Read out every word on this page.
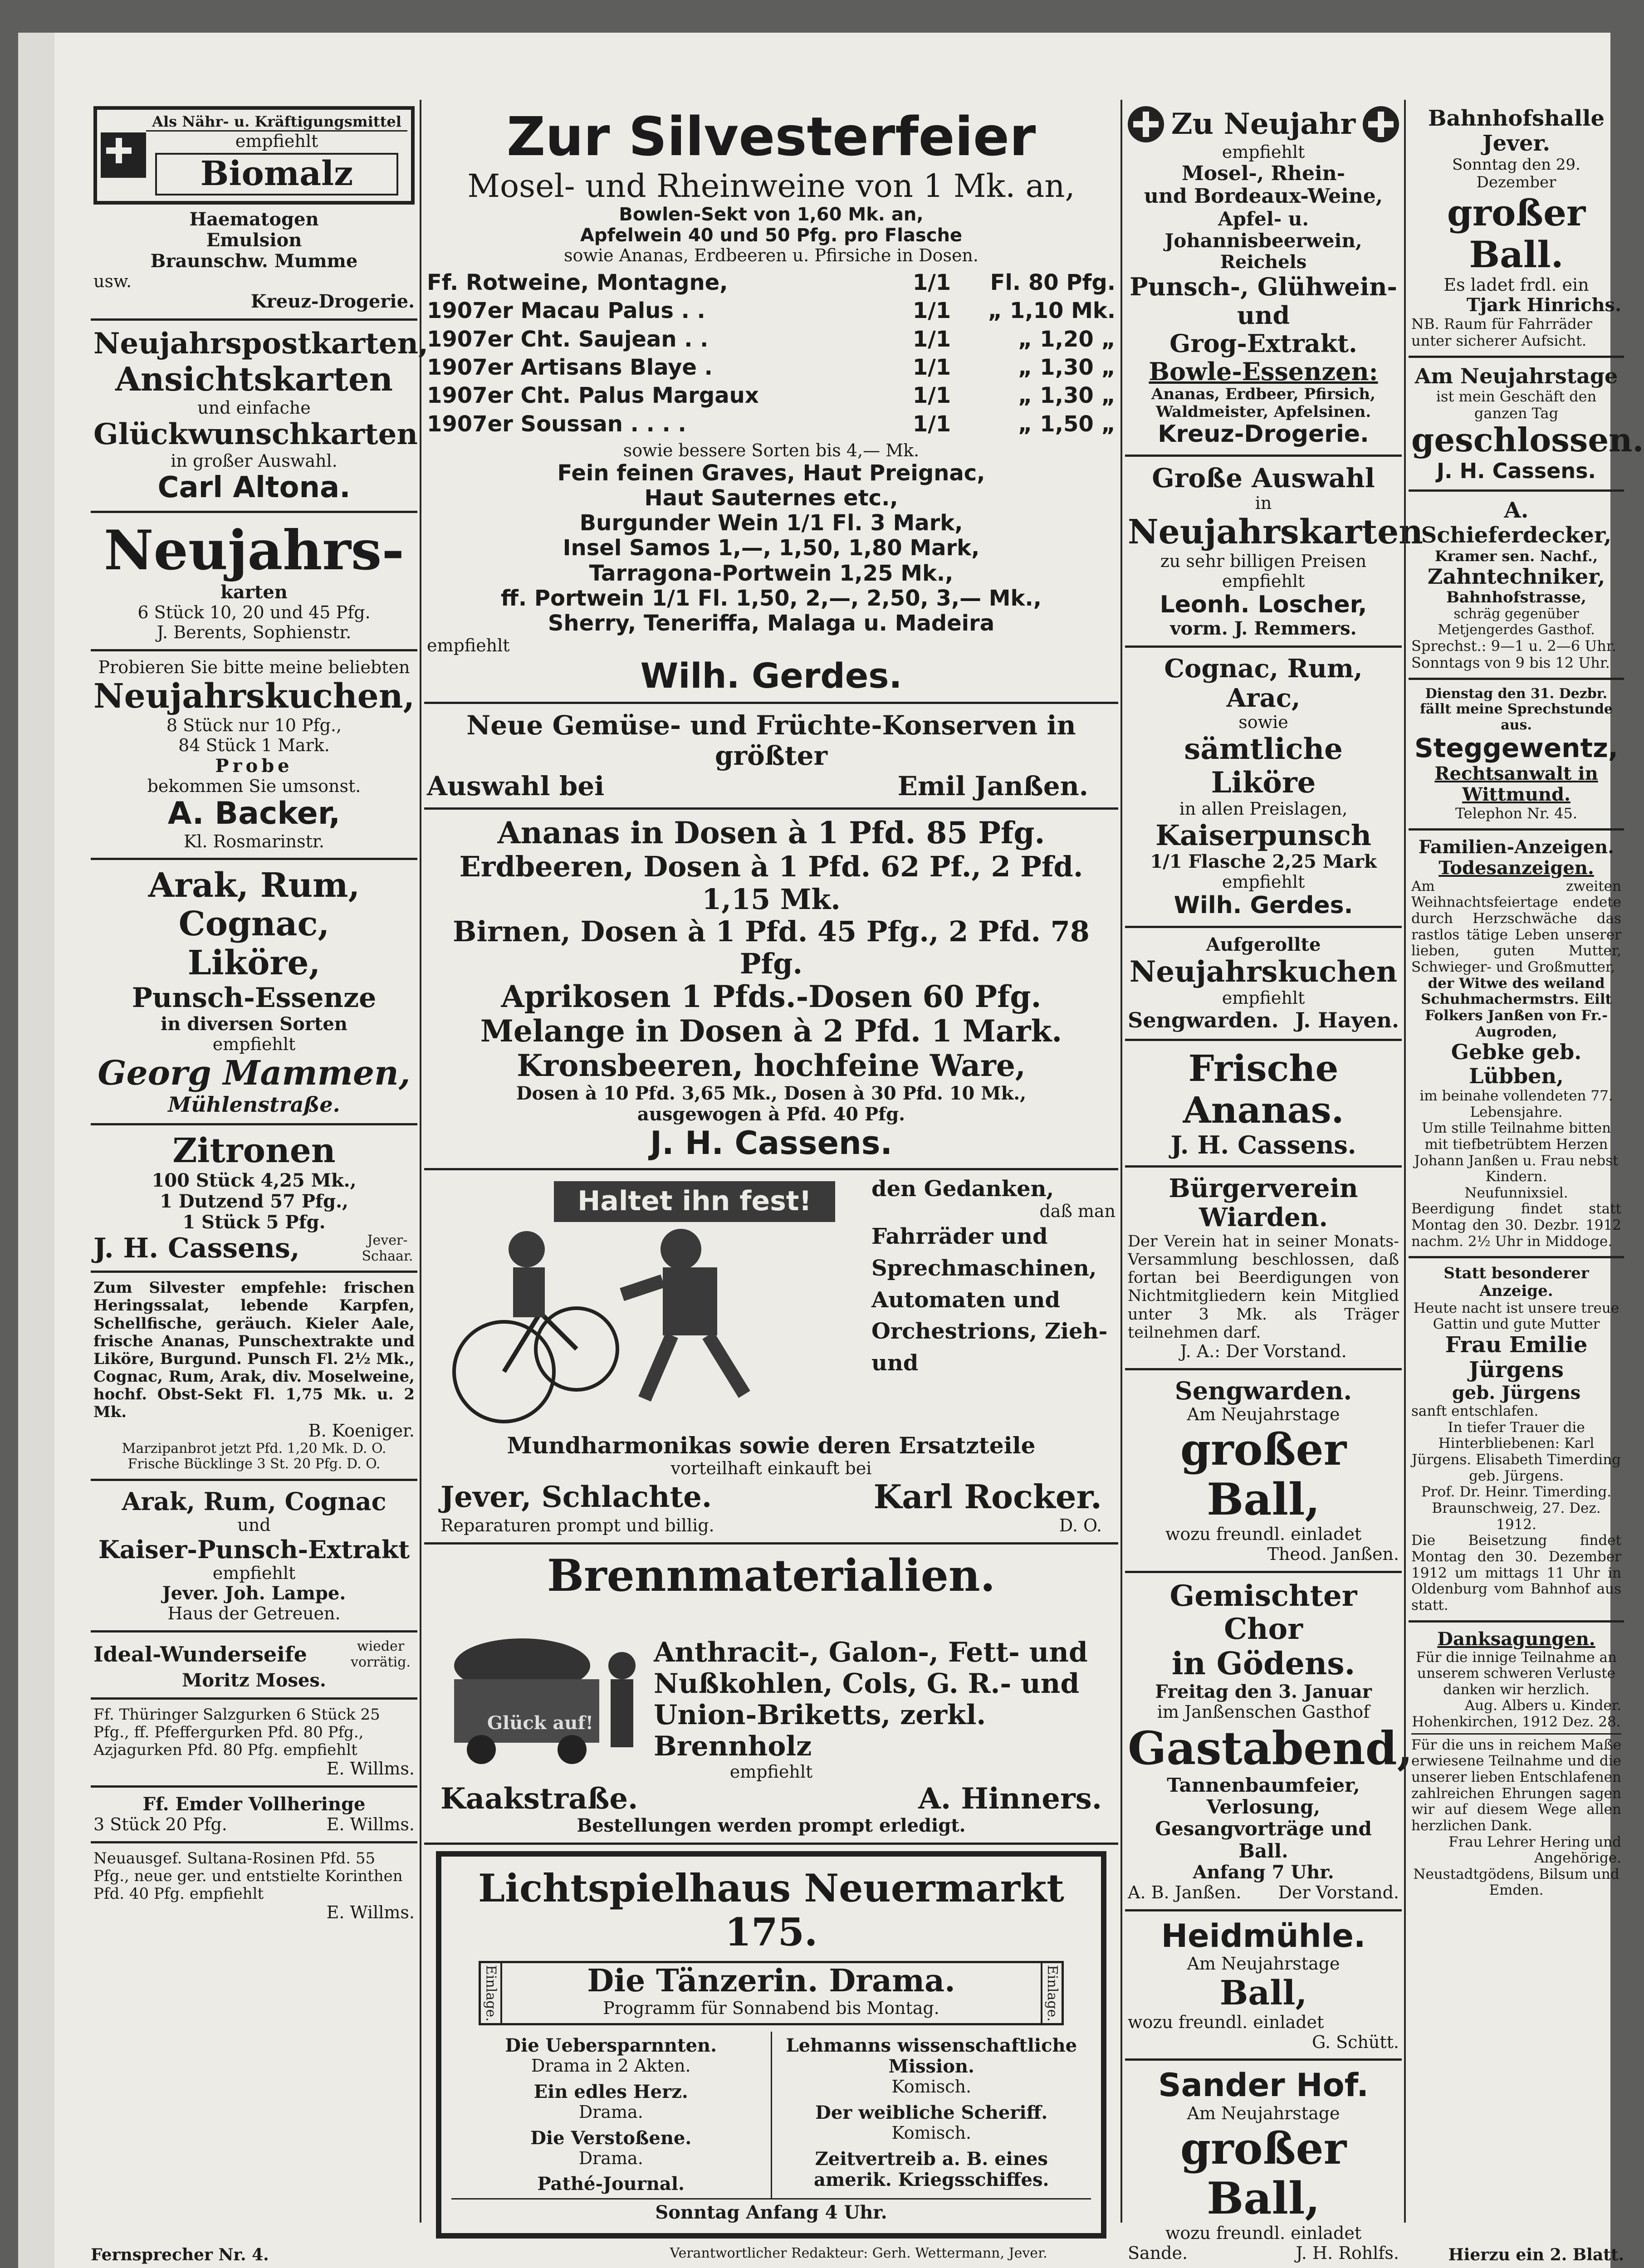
Als Nähr- u. Kräftigungsmittel
empfiehlt
Biomalz
Haematogen
Emulsion
Braunschw. Mumme
usw.
Kreuz-Drogerie.
Neujahrspostkarten,
Ansichtskarten
und einfache
Glückwunschkarten
in großer Auswahl.
Carl Altona.
Neujahrs-
karten
6 Stück 10, 20 und 45 Pfg.
J. Berents, Sophienstr.
Probieren Sie bitte meine beliebten
Neujahrskuchen,
8 Stück nur 10 Pfg.,
84 Stück 1 Mark.
Probe
bekommen Sie umsonst.
A. Backer,
Kl. Rosmarinstr.
Arak, Rum,
Cognac,
Liköre,
Punsch-Essenze
in diversen Sorten
empfiehlt
Georg Mammen,
Mühlenstraße.
Zitronen
100 Stück 4,25 Mk.,
1 Dutzend 57 Pfg.,
1 Stück 5 Pfg.
J. H. Cassens,	Jever-Schaar.
Zum Silvester empfehle: frischen Heringssalat, lebende Karpfen, Schellfische, geräuch. Kieler Aale, frische Ananas, Punschextrakte und Liköre, Burgund. Punsch Fl. 2½ Mk., Cognac, Rum, Arak, div. Moselweine, hochf. Obst-Sekt Fl. 1,75 Mk. u. 2 Mk.
B. Koeniger.
Marzipanbrot jetzt Pfd. 1,20 Mk. D. O.
Frische Bücklinge 3 St. 20 Pfg. D. O.
Arak, Rum, Cognac
und
Kaiser-Punsch-Extrakt
empfiehlt
Jever. Joh. Lampe.
Haus der Getreuen.
Ideal-Wunderseife	wieder vorrätig.
Moritz Moses.
Ff. Thüringer Salzgurken 6 Stück 25 Pfg., ff. Pfeffergurken Pfd. 80 Pfg., Azjagurken Pfd. 80 Pfg. empfiehlt
E. Willms.
Ff. Emder Vollheringe
3 Stück 20 Pfg.	E. Willms.
Neuausgef. Sultana-Rosinen Pfd. 55 Pfg., neue ger. und entstielte Korinthen Pfd. 40 Pfg. empfiehlt
E. Willms.
Zur Silvesterfeier
Mosel- und Rheinweine von 1 Mk. an,
Bowlen-Sekt von 1,60 Mk. an,
Apfelwein 40 und 50 Pfg. pro Flasche
sowie Ananas, Erdbeeren u. Pfirsiche in Dosen.
Ff. Rotweine, Montagne,	1/1	Fl. 80 Pfg.
1907er Macau Palus . .	1/1	„ 1,10 Mk.
1907er Cht. Saujean . .	1/1	„ 1,20 „
1907er Artisans Blaye .	1/1	„ 1,30 „
1907er Cht. Palus Margaux	1/1	„ 1,30 „
1907er Soussan . . . .	1/1	„ 1,50 „
sowie bessere Sorten bis 4,— Mk.
Fein feinen Graves, Haut Preignac,
Haut Sauternes etc.,
Burgunder Wein 1/1 Fl. 3 Mark,
Insel Samos 1,—, 1,50, 1,80 Mark,
Tarragona-Portwein 1,25 Mk.,
ff. Portwein 1/1 Fl. 1,50, 2,—, 2,50, 3,— Mk.,
Sherry, Teneriffa, Malaga u. Madeira
empfiehlt
Wilh. Gerdes.
Neue Gemüse- und Früchte-Konserven in größter
Auswahl bei	Emil Janßen.
Ananas in Dosen à 1 Pfd. 85 Pfg.
Erdbeeren, Dosen à 1 Pfd. 62 Pf., 2 Pfd. 1,15 Mk.
Birnen, Dosen à 1 Pfd. 45 Pfg., 2 Pfd. 78 Pfg.
Aprikosen 1 Pfds.-Dosen 60 Pfg.
Melange in Dosen à 2 Pfd. 1 Mark.
Kronsbeeren, hochfeine Ware,
Dosen à 10 Pfd. 3,65 Mk., Dosen à 30 Pfd. 10 Mk.,
ausgewogen à Pfd. 40 Pfg.
J. H. Cassens.
Haltet ihn fest!	den Gedanken,
daß man
Fahrräder und Sprechmaschinen, Automaten und Orchestrions, Zieh- und
Mundharmonikas sowie deren Ersatzteile
vorteilhaft einkauft bei
Jever, Schlachte.	Karl Rocker.
Reparaturen prompt und billig.	D. O.
Brennmaterialien.
Glück auf!
Anthracit-, Galon-, Fett- und Nußkohlen, Cols, G. R.- und Union-Briketts, zerkl. Brennholz
empfiehlt
Kaakstraße.	A. Hinners.
Bestellungen werden prompt erledigt.
Lichtspielhaus Neuermarkt 175.
Einlage.	Die Tänzerin. Drama.
Programm für Sonnabend bis Montag.	Einlage.
Die Uebersparnnten.
Drama in 2 Akten.
Ein edles Herz.
Drama.
Die Verstoßene.
Drama.
Pathé-Journal.
Lehmanns wissenschaftliche Mission.
Komisch.
Der weibliche Scheriff.
Komisch.
Zeitvertreib a. B. eines amerik. Kriegsschiffes.
Sonntag Anfang 4 Uhr.
Zu Neujahr
empfiehlt
Mosel-, Rhein-
und Bordeaux-Weine,
Apfel- u. Johannisbeerwein,
Reichels
Punsch-, Glühwein- und
Grog-Extrakt.
Bowle-Essenzen:
Ananas, Erdbeer, Pfirsich, Waldmeister, Apfelsinen.
Kreuz-Drogerie.
Große Auswahl
in
Neujahrskarten
zu sehr billigen Preisen
empfiehlt
Leonh. Loscher,
vorm. J. Remmers.
Cognac, Rum, Arac,
sowie
sämtliche Liköre
in allen Preislagen,
Kaiserpunsch
1/1 Flasche 2,25 Mark
empfiehlt
Wilh. Gerdes.
Aufgerollte
Neujahrskuchen
empfiehlt
Sengwarden. J. Hayen.
Frische Ananas.
J. H. Cassens.
Bürgerverein Wiarden.
Der Verein hat in seiner Monats-Versammlung beschlossen, daß fortan bei Beerdigungen von Nichtmitgliedern kein Mitglied unter 3 Mk. als Träger teilnehmen darf.
J. A.: Der Vorstand.
Sengwarden.
Am Neujahrstage
großer Ball,
wozu freundl. einladet
Theod. Janßen.
Gemischter Chor
in Gödens.
Freitag den 3. Januar
im Janßenschen Gasthof
Gastabend,
Tannenbaumfeier, Verlosung, Gesangvorträge und Ball.
Anfang 7 Uhr.
A. B. Janßen. Der Vorstand.
Heidmühle.
Am Neujahrstage
Ball,
wozu freundl. einladet
G. Schütt.
Sander Hof.
Am Neujahrstage
großer Ball,
wozu freundl. einladet
Sande.	J. H. Rohlfs.
Bahnhofshalle Jever.
Sonntag den 29. Dezember
großer Ball.
Es ladet frdl. ein
Tjark Hinrichs.
NB. Raum für Fahrräder unter sicherer Aufsicht.
Am Neujahrstage
ist mein Geschäft den ganzen Tag
geschlossen.
J. H. Cassens.
A. Schieferdecker,
Kramer sen. Nachf.,
Zahntechniker,
Bahnhofstrasse,
schräg gegenüber Metjengerdes Gasthof.
Sprechst.: 9—1 u. 2—6 Uhr. Sonntags von 9 bis 12 Uhr.
Dienstag den 31. Dezbr. fällt meine Sprechstunde aus.
Steggewentz,
Rechtsanwalt in Wittmund.
Telephon Nr. 45.
Familien-Anzeigen.
Todesanzeigen.
Am zweiten Weihnachtsfeiertage endete durch Herzschwäche das rastlos tätige Leben unserer lieben, guten Mutter, Schwieger- und Großmutter,
der Witwe des weiland Schuhmachermstrs. Eilt Folkers Janßen von Fr.-Augroden,
Gebke geb. Lübben,
im beinahe vollendeten 77. Lebensjahre.
Um stille Teilnahme bitten mit tiefbetrübtem Herzen Johann Janßen u. Frau nebst Kindern.
Neufunnixsiel.
Beerdigung findet statt Montag den 30. Dezbr. 1912 nachm. 2½ Uhr in Middoge.
Statt besonderer Anzeige.
Heute nacht ist unsere treue Gattin und gute Mutter
Frau Emilie Jürgens
geb. Jürgens
sanft entschlafen.
In tiefer Trauer die Hinterbliebenen: Karl Jürgens. Elisabeth Timerding geb. Jürgens.
Prof. Dr. Heinr. Timerding.
Braunschweig, 27. Dez. 1912.
Die Beisetzung findet Montag den 30. Dezember 1912 um mittags 11 Uhr in Oldenburg vom Bahnhof aus statt.
Danksagungen.
Für die innige Teilnahme an unserem schweren Verluste danken wir herzlich.
Aug. Albers u. Kinder.
Hohenkirchen, 1912 Dez. 28.
Für die uns in reichem Maße erwiesene Teilnahme und die unserer lieben Entschlafenen zahlreichen Ehrungen sagen wir auf diesem Wege allen herzlichen Dank.
Frau Lehrer Hering und Angehörige.
Neustadtgödens, Bilsum und Emden.
Fernsprecher Nr. 4.	Verantwortlicher Redakteur: Gerh. Wettermann, Jever.	Hierzu ein 2. Blatt.
